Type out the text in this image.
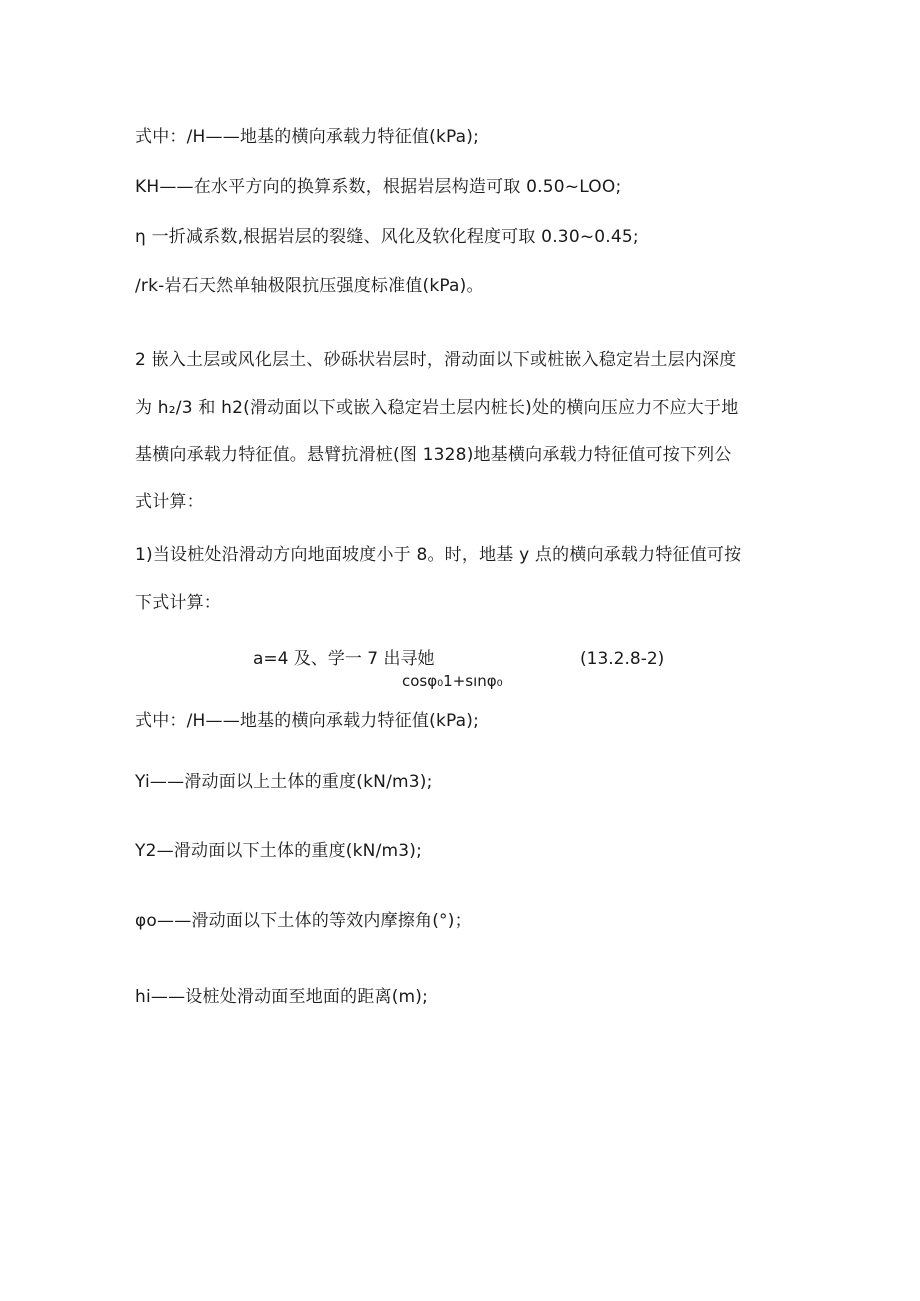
式中：/H——地基的横向承载力特征值(kPa);
KH——在水平方向的换算系数，根据岩层构造可取 0.50~LOO;
η 一折减系数,根据岩层的裂缝、风化及软化程度可取 0.30~0.45;
∕rk-岩石天然单轴极限抗压强度标准值(kPa)。
2 嵌入土层或风化层土、砂砾状岩层时，滑动面以下或桩嵌入稳定岩土层内深度
为 h₂∕3 和 h2(滑动面以下或嵌入稳定岩土层内桩长)处的横向压应力不应大于地
基横向承载力特征值。悬臂抗滑桩(图 1328)地基横向承载力特征值可按下列公
式计算：
1)当设桩处沿滑动方向地面坡度小于 8。时，地基 y 点的横向承载力特征值可按
下式计算：
a=4 及、学一 7 出寻她
cosφ₀1+sınφ₀
(13.2.8-2)
式中：/H——地基的横向承载力特征值(kPa);
Yi——滑动面以上土体的重度(kN∕m3);
Y2—滑动面以下土体的重度(kN∕m3);
φo——滑动面以下土体的等效内摩擦角(°)；
hi——设桩处滑动面至地面的距离(m);
